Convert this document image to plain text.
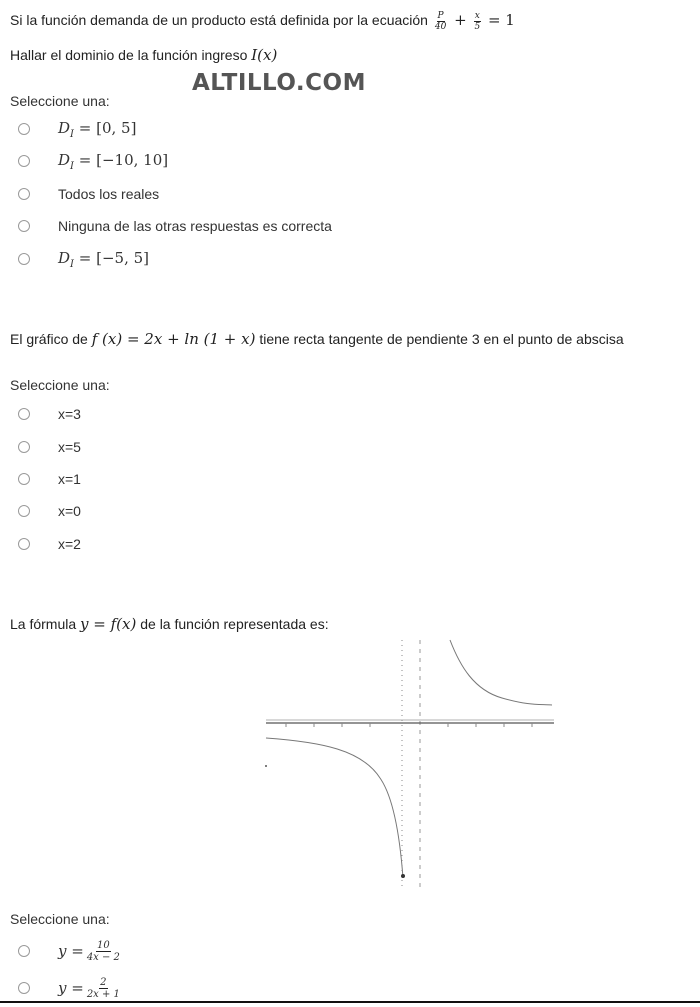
ALTILLO.COM
Si la función demanda de un producto está definida por la ecuación $\frac{P}{40} + \frac{x}{5} = 1$
Hallar el dominio de la función ingreso I(x)
Seleccione una:
$D_I = [0$, 5]
$D_I = [-10$, 10]
Todos los reales
Ninguna de las otras respuestas es correcta
$D_I = [-5$, 5]
El gráfico de f (x) = 2x + ln (1 + x) tiene recta tangente de pendiente 3 en el punto de abscisa
Seleccione una:
x=3
x=5
x=1
x=0
x=2
La fórmula y = f(x) de la función representada es:
Seleccione una:
$y = \frac{10}{4x - 2}$
$y = \frac{2}{2x + 1}$
